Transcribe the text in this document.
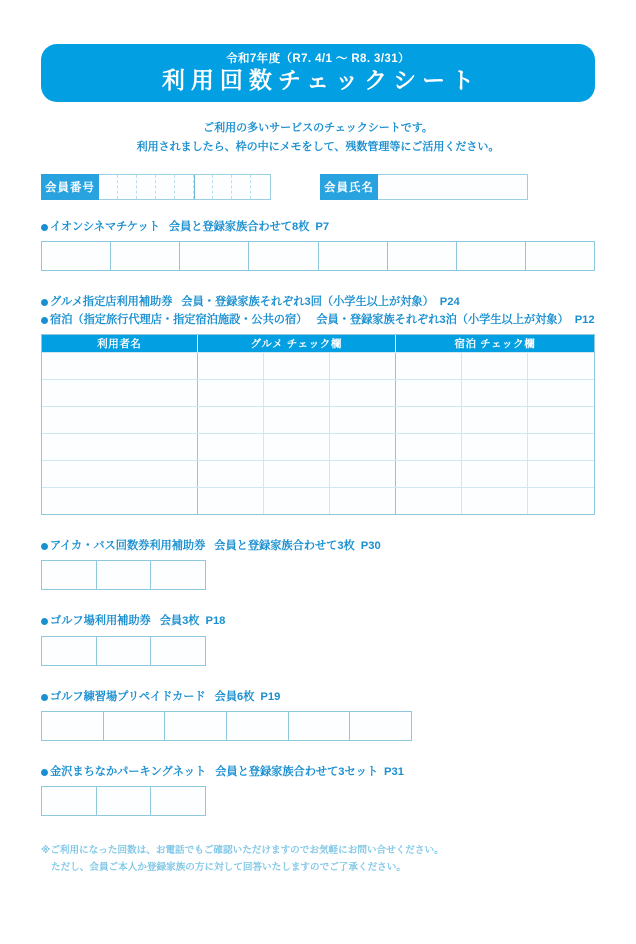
令和7年度（R7. 4/1 〜 R8. 3/31）
利用回数チェックシート
ご利用の多いサービスのチェックシートです。
利用されましたら、枠の中にメモをして、残数管理等にご活用ください。
会員番号	会員氏名
イオンシネマチケット 会員と登録家族合わせて8枚 P7
グルメ指定店利用補助券 会員・登録家族それぞれ3回（小学生以上が対象） P24
宿泊（指定旅行代理店・指定宿泊施設・公共の宿） 会員・登録家族それぞれ3泊（小学生以上が対象） P12
利用者名	グルメ チェック欄	宿泊 チェック欄
アイカ・バス回数券利用補助券 会員と登録家族合わせて3枚 P30
ゴルフ場利用補助券 会員3枚 P18
ゴルフ練習場プリペイドカード 会員6枚 P19
金沢まちなかパーキングネット 会員と登録家族合わせて3セット P31
※ご利用になった回数は、お電話でもご確認いただけますのでお気軽にお問い合せください。
ただし、会員ご本人か登録家族の方に対して回答いたしますのでご了承ください。
